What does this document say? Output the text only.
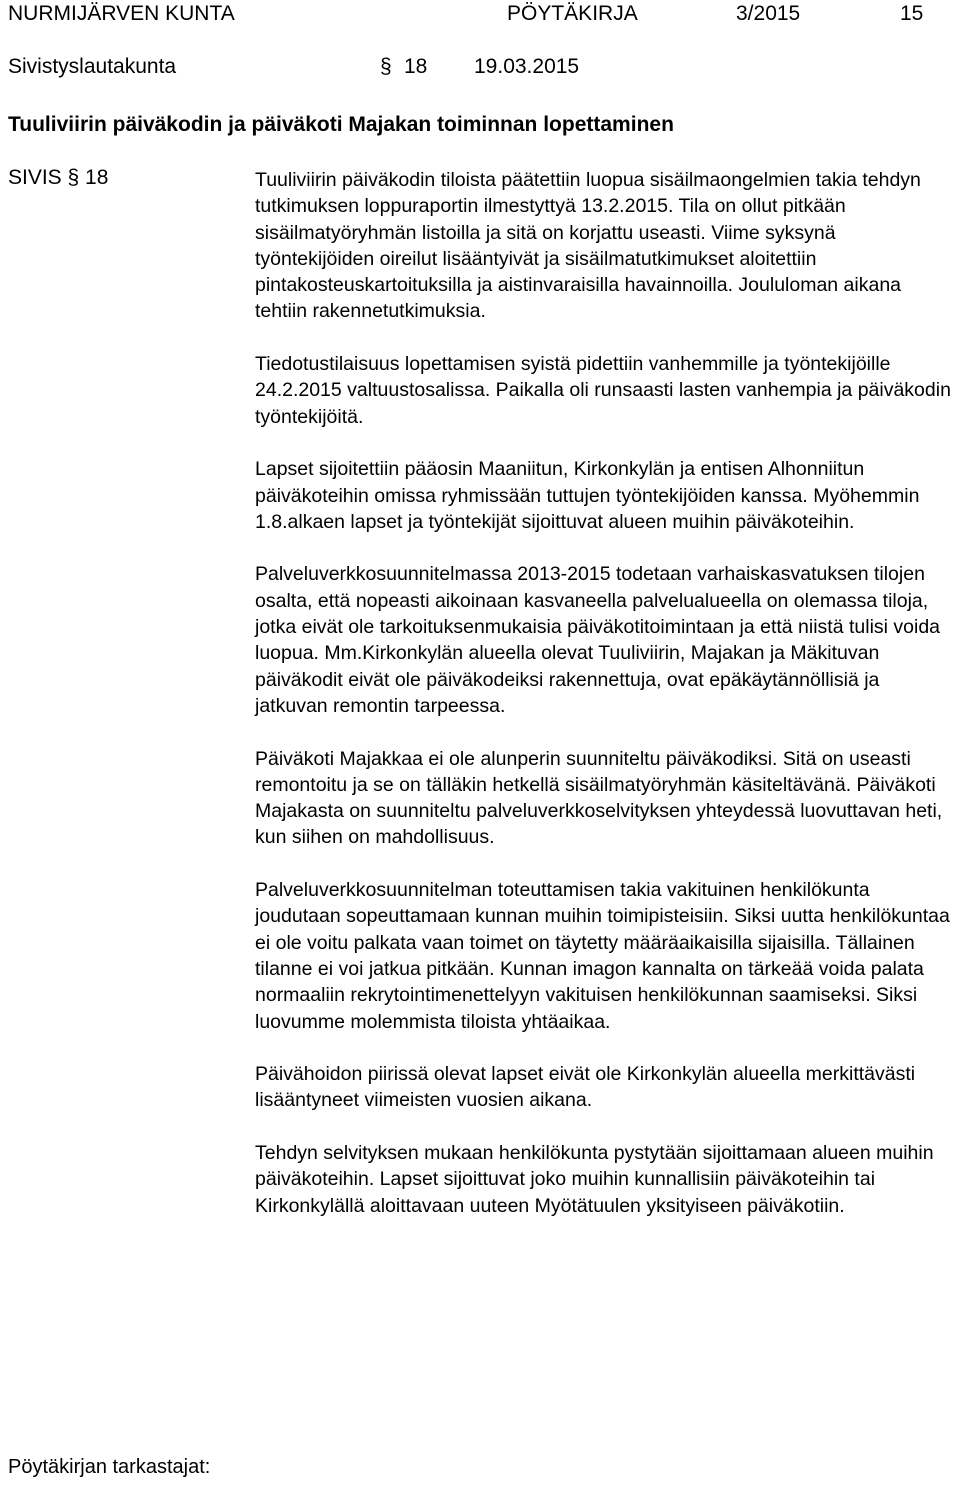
NURMIJÄRVEN KUNTA	PÖYTÄKIRJA	3/2015	15
Sivistyslautakunta	§ 18 19.03.2015
Tuuliviirin päiväkodin ja päiväkoti Majakan toiminnan lopettaminen
SIVIS § 18	Tuuliviirin päiväkodin tiloista päätettiin luopua sisäilmaongelmien takia tehdyn tutkimuksen loppuraportin ilmestyttyä 13.2.2015. Tila on ollut pitkään sisäilmatyöryhmän listoilla ja sitä on korjattu useasti. Viime syksynä työntekijöiden oireilut lisääntyivät ja sisäilmatutkimukset aloitettiin pintakosteuskartoituksilla ja aistinvaraisilla havainnoilla. Joululoman aikana tehtiin rakennetutkimuksia.

Tiedotustilaisuus lopettamisen syistä pidettiin vanhemmille ja työntekijöille 24.2.2015 valtuustosalissa. Paikalla oli runsaasti lasten vanhempia ja päiväkodin työntekijöitä.

Lapset sijoitettiin pääosin Maaniitun, Kirkonkylän ja entisen Alhonniitun päiväkoteihin omissa ryhmissään tuttujen työntekijöiden kanssa. Myöhemmin 1.8.alkaen lapset ja työntekijät sijoittuvat alueen muihin päiväkoteihin.

Palveluverkkosuunnitelmassa 2013-2015 todetaan varhaiskasvatuksen tilojen osalta, että nopeasti aikoinaan kasvaneella palvelualueella on olemassa tiloja, jotka eivät ole tarkoituksenmukaisia päiväkotitoimintaan ja että niistä tulisi voida luopua. Mm.Kirkonkylän alueella olevat Tuuliviirin, Majakan ja Mäkituvan päiväkodit eivät ole päiväkodeiksi rakennettuja, ovat epäkäytännöllisiä ja jatkuvan remontin tarpeessa.

Päiväkoti Majakkaa ei ole alunperin suunniteltu päiväkodiksi. Sitä on useasti remontoitu ja se on tälläkin hetkellä sisäilmatyöryhmän käsiteltävänä. Päiväkoti Majakasta on suunniteltu palveluverkkoselvityksen yhteydessä luovuttavan heti, kun siihen on mahdollisuus.

Palveluverkkosuunnitelman toteuttamisen takia vakituinen henkilökunta joudutaan sopeuttamaan kunnan muihin toimipisteisiin. Siksi uutta henkilökuntaa ei ole voitu palkata vaan toimet on täytetty määräaikaisilla sijaisilla. Tällainen tilanne ei voi jatkua pitkään. Kunnan imagon kannalta on tärkeää voida palata normaaliin rekrytointimenettelyyn vakituisen henkilökunnan saamiseksi. Siksi luovumme molemmista tiloista yhtäaikaa.

Päivähoidon piirissä olevat lapset eivät ole Kirkonkylän alueella merkittävästi lisääntyneet viimeisten vuosien aikana.

Tehdyn selvityksen mukaan henkilökunta pystytään sijoittamaan alueen muihin päiväkoteihin. Lapset sijoittuvat joko muihin kunnallisiin päiväkoteihin tai Kirkonkylällä aloittavaan uuteen Myötätuulen yksityiseen päiväkotiin.

Pöytäkirjan tarkastajat:
